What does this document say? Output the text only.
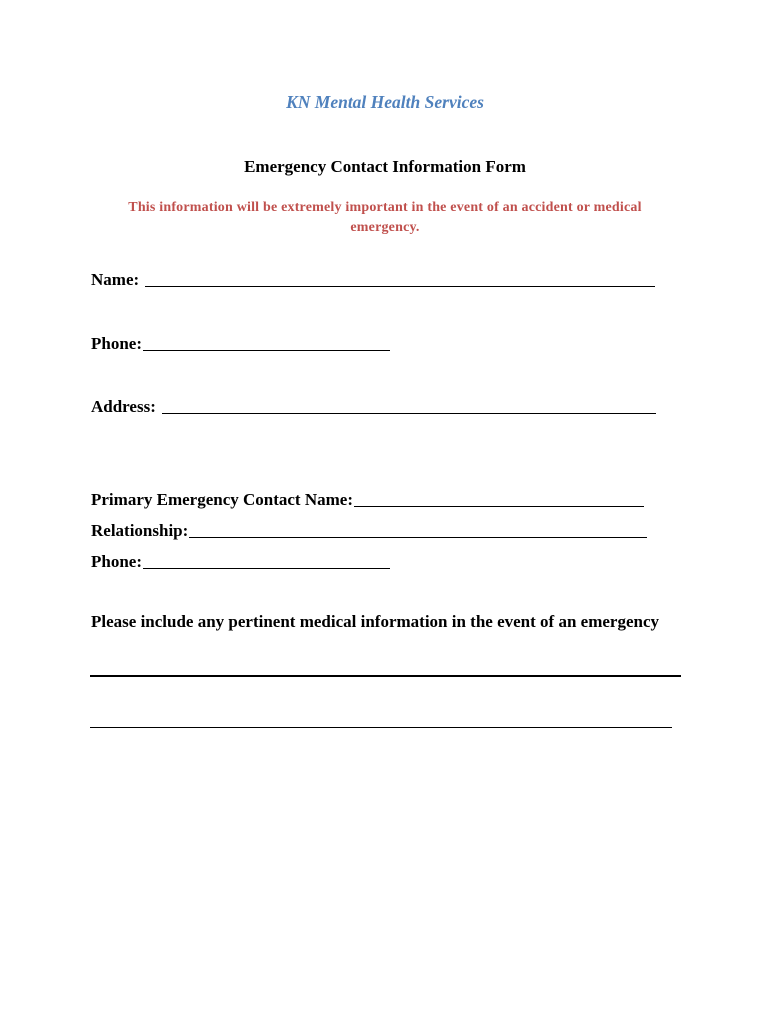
KN Mental Health Services
Emergency Contact Information Form
This information will be extremely important in the event of an accident or medical emergency.
Name:
Phone:
Address:
Primary Emergency Contact Name:
Relationship:
Phone:
Please include any pertinent medical information in the event of an emergency
